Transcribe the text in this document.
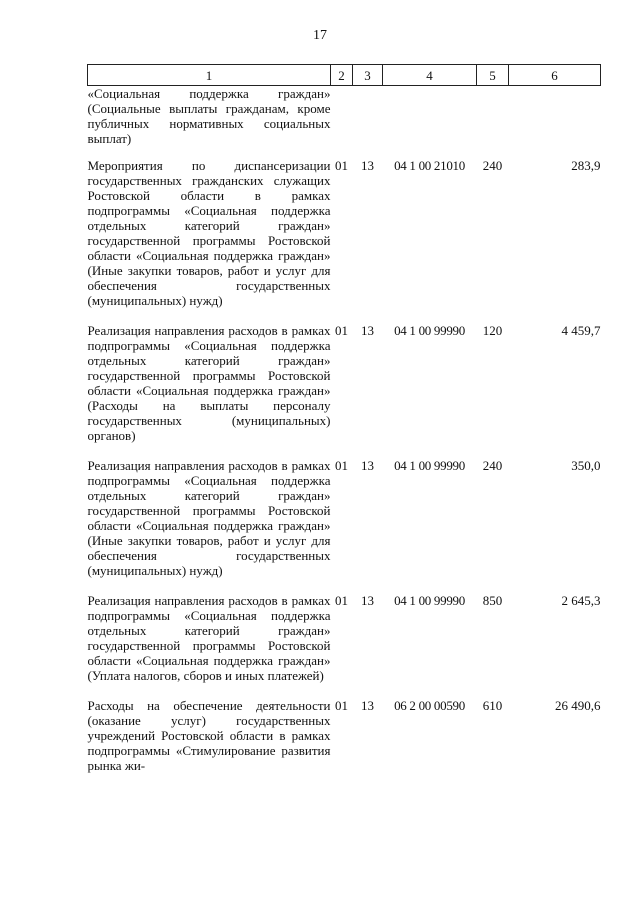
17
1	2	3	4	5	6
«Социальная поддержка граждан» (Социальные выплаты гражданам, кроме публичных нормативных социальных выплат)					
Мероприятия по диспансеризации государственных гражданских служащих Ростовской области в рамках подпрограммы «Социальная поддержка отдельных категорий граждан» государственной программы Ростовской области «Социальная поддержка граждан» (Иные закупки товаров, работ и услуг для обеспечения государственных (муниципальных) нужд)	01	13	04 1 00 21010	240	283,9
Реализация направления расходов в рамках подпрограммы «Социальная поддержка отдельных категорий граждан» государственной программы Ростовской области «Социальная поддержка граждан» (Расходы на выплаты персоналу государственных (муниципальных) органов)	01	13	04 1 00 99990	120	4 459,7
Реализация направления расходов в рамках подпрограммы «Социальная поддержка отдельных категорий граждан» государственной программы Ростовской области «Социальная поддержка граждан» (Иные закупки товаров, работ и услуг для обеспечения государственных (муниципальных) нужд)	01	13	04 1 00 99990	240	350,0
Реализация направления расходов в рамках подпрограммы «Социальная поддержка отдельных категорий граждан» государственной программы Ростовской области «Социальная поддержка граждан» (Уплата налогов, сборов и иных платежей)	01	13	04 1 00 99990	850	2 645,3
Расходы на обеспечение деятельности (оказание услуг) государственных учреждений Ростовской области в рамках подпрограммы «Стимулирование развития рынка жи-	01	13	06 2 00 00590	610	26 490,6
